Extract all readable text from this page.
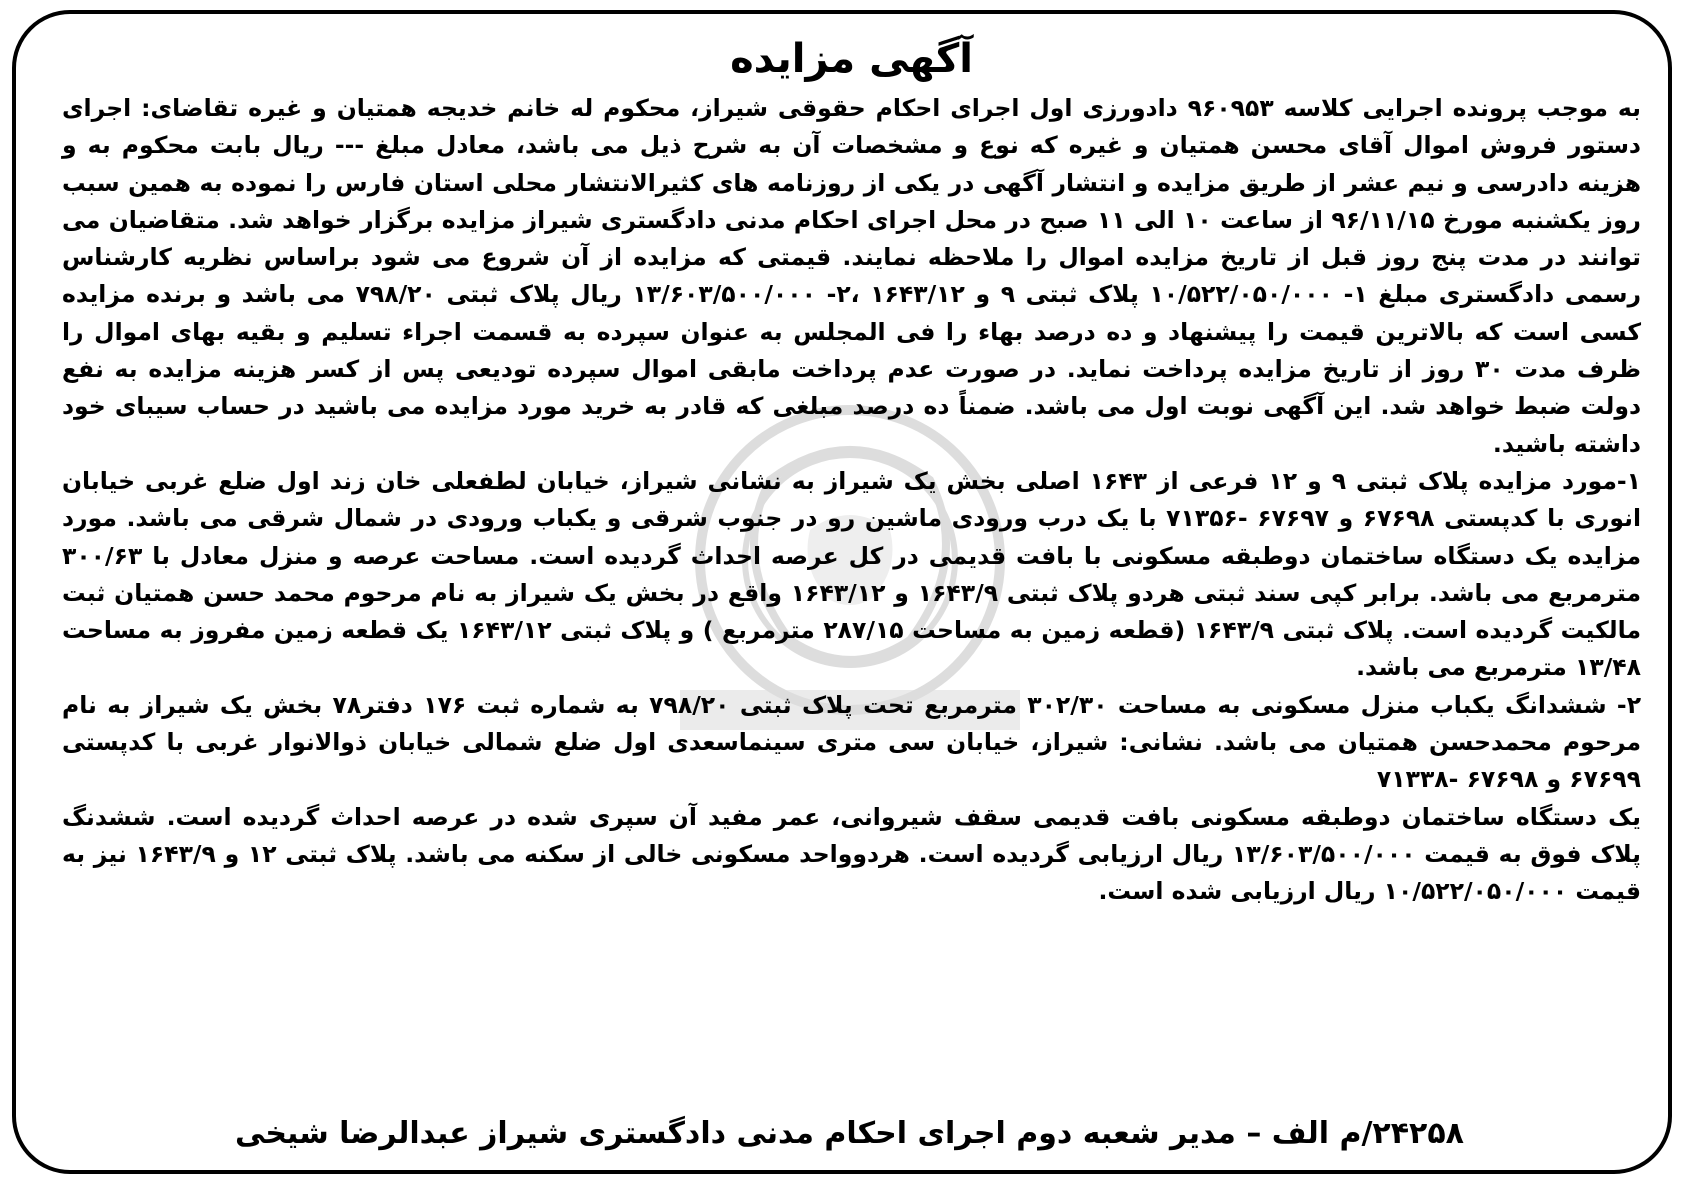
آگهی مزایده

به موجب پرونده اجرایی کلاسه ۹۶۰۹۵۳ دادورزی اول اجرای احکام حقوقی شیراز، محکوم له خانم خدیجه همتیان و غیره تقاضای: اجرای دستور فروش اموال آقای محسن همتیان و غیره که نوع و مشخصات آن به شرح ذیل می باشد، معادل مبلغ --- ریال بابت محکوم به و هزینه دادرسی و نیم عشر از طریق مزایده و انتشار آگهی در یکی از روزنامه های کثیرالانتشار محلی استان فارس را نموده به همین سبب روز یکشنبه مورخ ۹۶/۱۱/۱۵ از ساعت ۱۰ الی ۱۱ صبح در محل اجرای احکام مدنی دادگستری شیراز مزایده برگزار خواهد شد. متقاضیان می توانند در مدت پنج روز قبل از تاریخ مزایده اموال را ملاحظه نمایند. قیمتی که مزایده از آن شروع می شود براساس نظریه کارشناس رسمی دادگستری مبلغ ۱- ۱۰/۵۲۲/۰۵۰/۰۰۰ پلاک ثبتی ۹ و ۱۶۴۳/۱۲ ،۲- ۱۳/۶۰۳/۵۰۰/۰۰۰ ریال پلاک ثبتی ۷۹۸/۲۰ می باشد و برنده مزایده کسی است که بالاترین قیمت را پیشنهاد و ده درصد بهاء را فی المجلس به عنوان سپرده به قسمت اجراء تسلیم و بقیه بهای اموال را ظرف مدت ۳۰ روز از تاریخ مزایده پرداخت نماید. در صورت عدم پرداخت مابقی اموال سپرده تودیعی پس از کسر هزینه مزایده به نفع دولت ضبط خواهد شد. این آگهی نوبت اول می باشد. ضمناً ده درصد مبلغی که قادر به خرید مورد مزایده می باشید در حساب سیبای خود داشته باشید.

۱-مورد مزایده پلاک ثبتی ۹ و ۱۲ فرعی از ۱۶۴۳ اصلی بخش یک شیراز به نشانی شیراز، خیابان لطفعلی خان زند اول ضلع غربی خیابان انوری با کدپستی ۶۷۶۹۸ و ۶۷۶۹۷ -۷۱۳۵۶ با یک درب ورودی ماشین رو در جنوب شرقی و یکباب ورودی در شمال شرقی می باشد. مورد مزایده یک دستگاه ساختمان دوطبقه مسکونی با بافت قدیمی در کل عرصه احداث گردیده است. مساحت عرصه و منزل معادل با ۳۰۰/۶۳ مترمربع می باشد. برابر کپی سند ثبتی هردو پلاک ثبتی ۱۶۴۳/۹ و ۱۶۴۳/۱۲ واقع در بخش یک شیراز به نام مرحوم محمد حسن همتیان ثبت مالکیت گردیده است. پلاک ثبتی ۱۶۴۳/۹ (قطعه زمین به مساحت ۲۸۷/۱۵ مترمربع ) و پلاک ثبتی ۱۶۴۳/۱۲ یک قطعه زمین مفروز به مساحت ۱۳/۴۸ مترمربع می باشد.

۲- ششدانگ یکباب منزل مسکونی به مساحت ۳۰۲/۳۰ مترمربع تحت پلاک ثبتی ۷۹۸/۲۰ به شماره ثبت ۱۷۶ دفتر۷۸ بخش یک شیراز به نام مرحوم محمدحسن همتیان می باشد. نشانی: شیراز، خیابان سی متری سینماسعدی اول ضلع شمالی خیابان ذوالانوار غربی با کدپستی ۶۷۶۹۹ و ۶۷۶۹۸ -۷۱۳۳۸

یک دستگاه ساختمان دوطبقه مسکونی بافت قدیمی سقف شیروانی، عمر مفید آن سپری شده در عرصه احداث گردیده است. ششدنگ پلاک فوق به قیمت ۱۳/۶۰۳/۵۰۰/۰۰۰ ریال ارزیابی گردیده است. هردوواحد مسکونی خالی از سکنه می باشد. پلاک ثبتی ۱۲ و ۱۶۴۳/۹ نیز به قیمت ۱۰/۵۲۲/۰۵۰/۰۰۰ ریال ارزیابی شده است.

۲۴۲۵۸/م الف – مدیر شعبه دوم اجرای احکام مدنی دادگستری شیراز عبدالرضا شیخی
